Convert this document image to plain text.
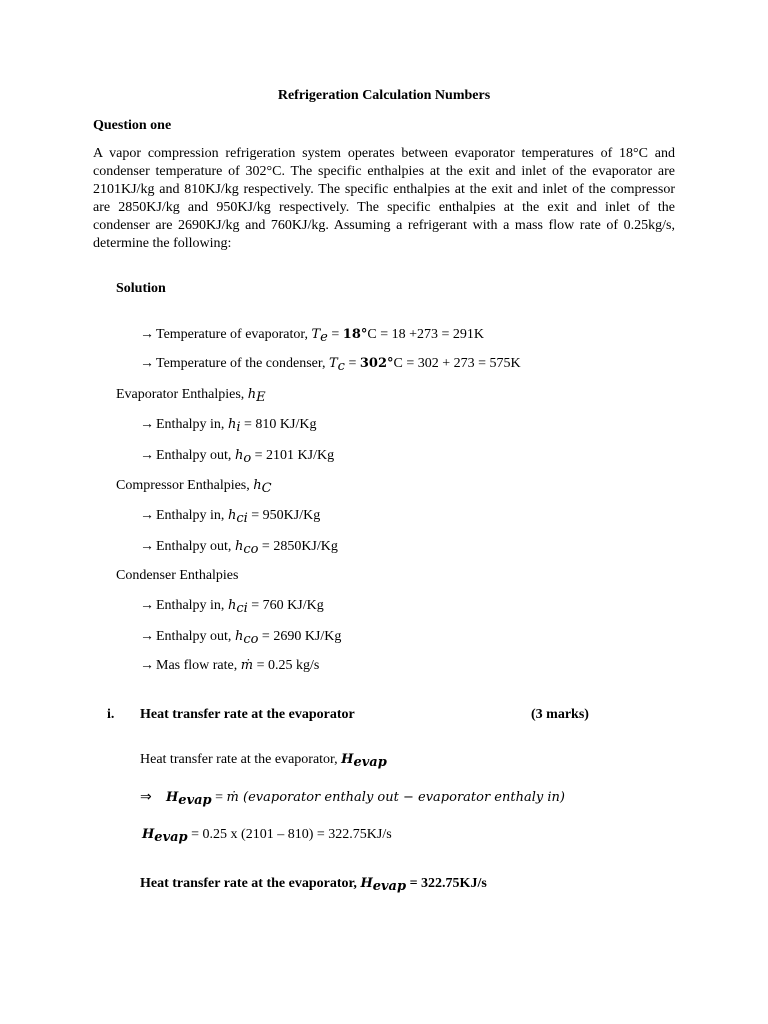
Refrigeration Calculation Numbers
Question one
A vapor compression refrigeration system operates between evaporator temperatures of 18°C and
condenser temperature of 302°C. The specific enthalpies at the exit and inlet of the evaporator are
2101KJ/kg and 810KJ/kg respectively. The specific enthalpies at the exit and inlet of the compressor
are 2850KJ/kg and 950KJ/kg respectively. The specific enthalpies at the exit and inlet of the
condenser are 2690KJ/kg and 760KJ/kg. Assuming a refrigerant with a mass flow rate of 0.25kg/s,
determine the following:
Solution
→ Temperature of evaporator, $T_e = 18^\circ C = 18 +273 = 291K$
→ Temperature of the condenser, $T_c = 302^\circ C = 302 + 273 = 575K$
Evaporator Enthalpies, $h_E$
→ Enthalpy in, $h_i = 810$ KJ/Kg
→ Enthalpy out, $h_o = 2101$ KJ/Kg
Compressor Enthalpies, $h_C$
→ Enthalpy in, $h_{ci} = 950KJ/Kg$
→ Enthalpy out, $h_{co} = 2850KJ/Kg$
Condenser Enthalpies
→ Enthalpy in, $h_{ci} = 760$ KJ/Kg
→ Enthalpy out, $h_{co} = 2690$ KJ/Kg
→ Mas flow rate, ṁ = 0.25 kg/s
i. Heat transfer rate at the evaporator	(3 marks)
Heat transfer rate at the evaporator, $H_{evap}$
⇒ $H_{evap}$ = ṁ (evaporator enthaly out − evaporator enthaly in)
$H_{evap} = 0.25$ x (2101 – 810) = 322.75KJ/s
Heat transfer rate at the evaporator, $H_{evap} = 322.75KJ/s$
